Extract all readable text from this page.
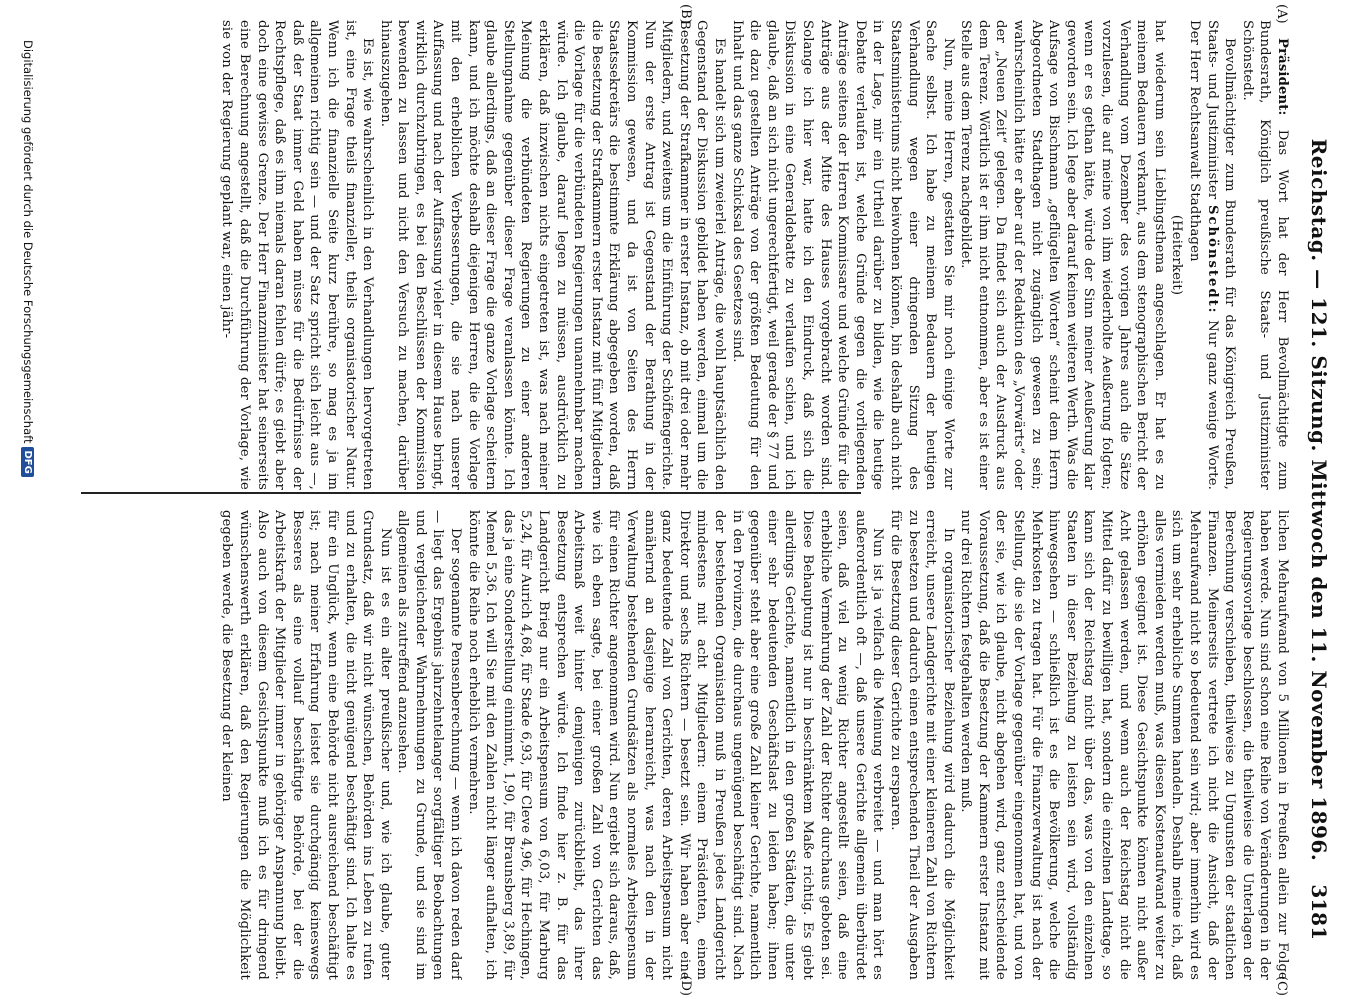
Reichstag. — 121. Sitzung. Mittwoch den 11. November 1896.
3181
(A)
(B)
(C)
(D)

Präsident: Das Wort hat der Herr Bevollmächtigte zum Bundesrath, Königlich preußische Staats- und Justizminister Schönstedt.

Bevollmächtigter zum Bundesrath für das Königreich Preußen, Staats- und Justizminister Schönstedt: Nur ganz wenige Worte. Der Herr Rechtsanwalt Stadthagen

(Heiterkeit)

hat wiederum sein Lieblingsthema angeschlagen. Er hat es zu meinem Bedauern verkannt, aus dem stenographischen Bericht der Verhandlung vom Dezember des vorigen Jahres auch die Sätze vorzulesen, die auf meine von ihm wiederholte Aeußerung folgten; wenn er es gethan hätte, würde der Sinn meiner Aeußerung klar geworden sein. Ich lege aber darauf keinen weiteren Werth. Was die Aufsage von Bischmann „geflügelten Worten“ scheint dem Herrn Abgeordneten Stadthagen nicht zugänglich gewesen zu sein; wahrscheinlich hätte er aber auf der Redaktion des „Vorwärts“ oder der „Neuen Zeit“ gelegen. Da findet sich auch der Ausdruck aus dem Terenz. Wörtlich ist er ihm nicht entnommen, aber es ist einer Stelle aus dem Terenz nachgebildet.

Nun, meine Herren, gestatten Sie mir noch einige Worte zur Sache selbst. Ich habe zu meinem Bedauern der heutigen Verhandlung wegen einer dringenden Sitzung des Staatsministeriums nicht beiwohnen können, bin deshalb auch nicht in der Lage, mir ein Urtheil darüber zu bilden, wie die heutige Debatte verlaufen ist, welche Gründe gegen die vorliegenden Anträge seitens der Herren Kommissare und welche Gründe für die Anträge aus der Mitte des Hauses vorgebracht worden sind. Solange ich hier war, hatte ich den Eindruck, daß sich die Diskussion in eine Generaldebatte zu verlaufen schien, und ich glaube, daß an sich nicht ungerechtfertigt, weil gerade der § 77 und die dazu gestellten Anträge von der größten Bedeutung für den Inhalt und das ganze Schicksal des Gesetzes sind.

Es handelt sich um zweierlei Anträge, die wohl hauptsächlich den Gegenstand der Diskussion gebildet haben werden, einmal um die Besetzung der Strafkammer in erster Instanz, ob mit drei oder mehr Mitgliedern, und zweitens um die Einführung der Schöffengerichte. Nun der erste Antrag ist Gegenstand der Berathung in der Kommission gewesen, und da ist von Seiten des Herrn Staatssekretärs die bestimmte Erklärung abgegeben worden, daß die Besetzung der Strafkammern erster Instanz mit fünf Mitgliedern die Vorlage für die verbündeten Regierungen unannehmbar machen würde. Ich glaube, darauf legen zu müssen, ausdrücklich zu erklären, daß inzwischen nichts eingetreten ist, was nach meiner Meinung die verbündeten Regierungen zu einer anderen Stellungnahme gegenüber dieser Frage veranlassen könnte. Ich glaube allerdings, daß an dieser Frage die ganze Vorlage scheitern kann, und ich möchte deshalb diejenigen Herren, die die Vorlage mit den erheblichen Verbesserungen, die sie nach unserer Auffassung und nach der Auffassung vieler in diesem Hause bringt, wirklich durchzubringen, es bei den Beschlüssen der Kommission bewenden zu lassen und nicht den Versuch zu machen, darüber hinauszugehen.

Es ist, wie wahrscheinlich in den Verhandlungen hervorgetreten ist, eine Frage theils finanzieller, theils organisatorischer Natur. Wenn ich die finanzielle Seite kurz berühre, so mag es ja im allgemeinen richtig sein — und der Satz spricht sich leicht aus —, daß der Staat immer Geld haben müsse für die Bedürfnisse der Rechtspflege, daß es ihm niemals daran fehlen dürfe; es giebt aber doch eine gewisse Grenze. Der Herr Finanzminister hat seinerseits eine Berechnung angestellt, daß die Durchführung der Vorlage, wie sie von der Regierung geplant war, einen jähr-

lichen Mehraufwand von 5 Millionen in Preußen allein zur Folge haben werde. Nun sind schon eine Reihe von Veränderungen in der Regierungsvorlage beschlossen, die theilweise die Unterlagen der Berechnung verschieben, theilweise zu Ungunsten der staatlichen Finanzen. Meinerseits vertrete ich nicht die Ansicht, daß der Mehraufwand nicht so bedeutend sein wird; aber immerhin wird es sich um sehr erhebliche Summen handeln. Deshalb meine ich, daß alles vermieden werden muß, was diesen Kostenaufwand weiter zu erhöhen geeignet ist. Diese Gesichtspunkte können nicht außer Acht gelassen werden, und wenn auch der Reichstag nicht die Mittel dafür zu bewilligen hat, sondern die einzelnen Landtage, so kann sich der Reichstag nicht über das, was von den einzelnen Staaten in dieser Beziehung zu leisten sein wird, vollständig hinwegsehen — schließlich ist es die Bevölkerung, welche die Mehrkosten zu tragen hat. Für die Finanzverwaltung ist nach der Stellung, die sie der Vorlage gegenüber eingenommen hat, und von der sie, wie ich glaube, nicht abgehen wird, ganz entscheidende Voraussetzung, daß die Besetzung der Kammern erster Instanz mit nur drei Richtern festgehalten werden muß.

In organisatorischer Beziehung wird dadurch die Möglichkeit erreicht, unsere Landgerichte mit einer kleineren Zahl von Richtern zu besetzen und dadurch einen entsprechenden Theil der Ausgaben für die Besetzung dieser Gerichte zu ersparen.

Nun ist ja vielfach die Meinung verbreitet — und man hört es außerordentlich oft —, daß unsere Gerichte allgemein überbürdet seien, daß viel zu wenig Richter angestellt seien, daß eine erhebliche Vermehrung der Zahl der Richter durchaus geboten sei. Diese Behauptung ist nur in beschränktem Maße richtig. Es giebt allerdings Gerichte, namentlich in den großen Städten, die unter einer sehr bedeutenden Geschäftslast zu leiden haben; ihnen gegenüber steht aber eine große Zahl kleiner Gerichte, namentlich in den Provinzen, die durchaus ungenügend beschäftigt sind. Nach der bestehenden Organisation muß in Preußen jedes Landgericht mindestens mit acht Mitgliedern: einem Präsidenten, einem Direktor und sechs Richtern — besetzt sein. Wir haben aber eine ganz bedeutende Zahl von Gerichten, deren Arbeitspensum nicht annähernd an dasjenige heranreicht, was nach den in der Verwaltung bestehenden Grundsätzen als normales Arbeitspensum für einen Richter angenommen wird. Nun ergiebt sich daraus, daß, wie ich eben sagte, bei einer großen Zahl von Gerichten das Arbeitsmaß weit hinter demjenigen zurückbleibt, das ihrer Besetzung entsprechen würde. Ich finde hier z. B. für das Landgericht Brieg nur ein Arbeitspensum von 6,03, für Marburg 5,24, für Aurich 4,68, für Stade 6,93, für Cleve 4,96, für Hechingen, das ja eine Sonderstellung einnimmt, 1,90, für Braunsberg 3,89, für Memel 5,36. Ich will Sie mit den Zahlen nicht länger aufhalten, ich könnte die Reihe noch erheblich vermehren.

Der sogenannte Pensenberechnung — wenn ich davon reden darf — liegt das Ergebnis jahrzehntelanger sorgfältiger Beobachtungen und vergleichender Wahrnehmungen zu Grunde, und sie sind im allgemeinen als zutreffend anzusehen.

Nun ist es ein alter preußischer und, wie ich glaube, guter Grundsatz, daß wir nicht wünschen, Behörden ins Leben zu rufen und zu erhalten, die nicht genügend beschäftigt sind. Ich halte es für ein Unglück, wenn eine Behörde nicht ausreichend beschäftigt ist; nach meiner Erfahrung leistet sie durchgängig keineswegs Besseres als eine vollauf beschäftigte Behörde, bei der die Arbeitskraft der Mitglieder immer in gehöriger Anspannung bleibt. Also auch von diesem Gesichtspunkte muß ich es für dringend wünschenswerth erklären, daß den Regierungen die Möglichkeit gegeben werde, die Besetzung der kleinen

Digitalisierung gefördert durch die Deutsche Forschungsgemeinschaft
DFG
